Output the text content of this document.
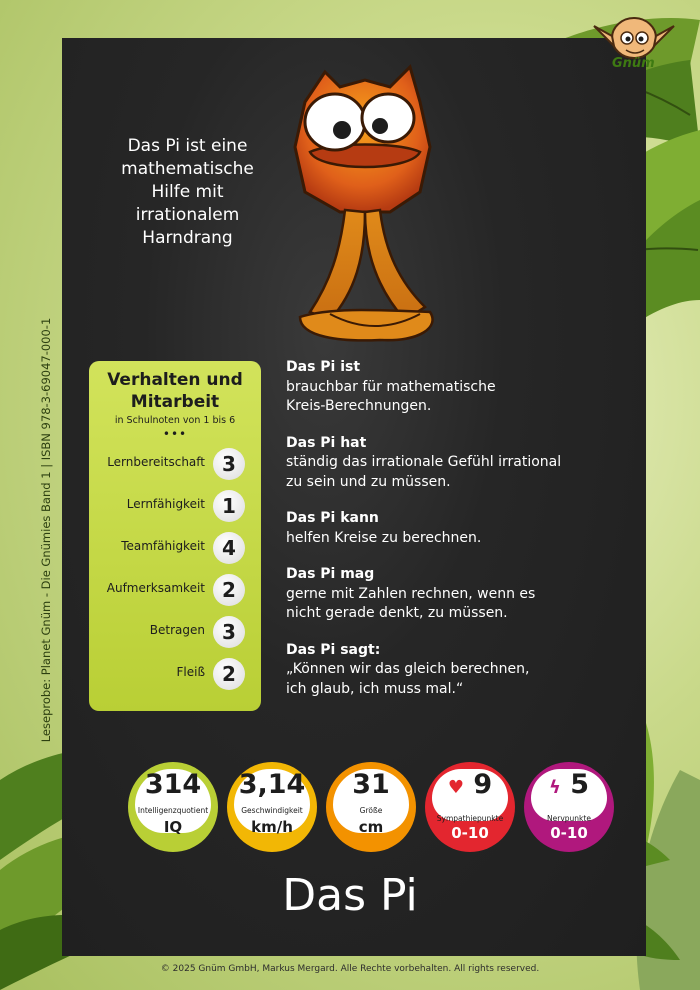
Gnüm
Leseprobe: Planet Gnüm - Die Gnümies Band 1 | ISBN 978-3-69047-000-1
Das Pi ist eine mathematische Hilfe mit irrationalem Harndrang
Verhalten und Mitarbeit
in Schulnoten von 1 bis 6
•••
Lernbereitschaft 3
Lernfähigkeit 1
Teamfähigkeit 4
Aufmerksamkeit 2
Betragen 3
Fleiß 2
Das Pi ist
brauchbar für mathematische
Kreis-Berechnungen.
Das Pi hat
ständig das irrationale Gefühl irrational
zu sein und zu müssen.
Das Pi kann
helfen Kreise zu berechnen.
Das Pi mag
gerne mit Zahlen rechnen, wenn es
nicht gerade denkt, zu müssen.
Das Pi sagt:
„Können wir das gleich berechnen,
ich glaub, ich muss mal.“
314
Intelligenzquotient
IQ
3,14
Geschwindigkeit
km/h
31
Größe
cm
♥ 9
Sympathiepunkte
0-10
ϟ 5
Nervpunkte
0-10
Das Pi
© 2025 Gnüm GmbH, Markus Mergard. Alle Rechte vorbehalten. All rights reserved.
